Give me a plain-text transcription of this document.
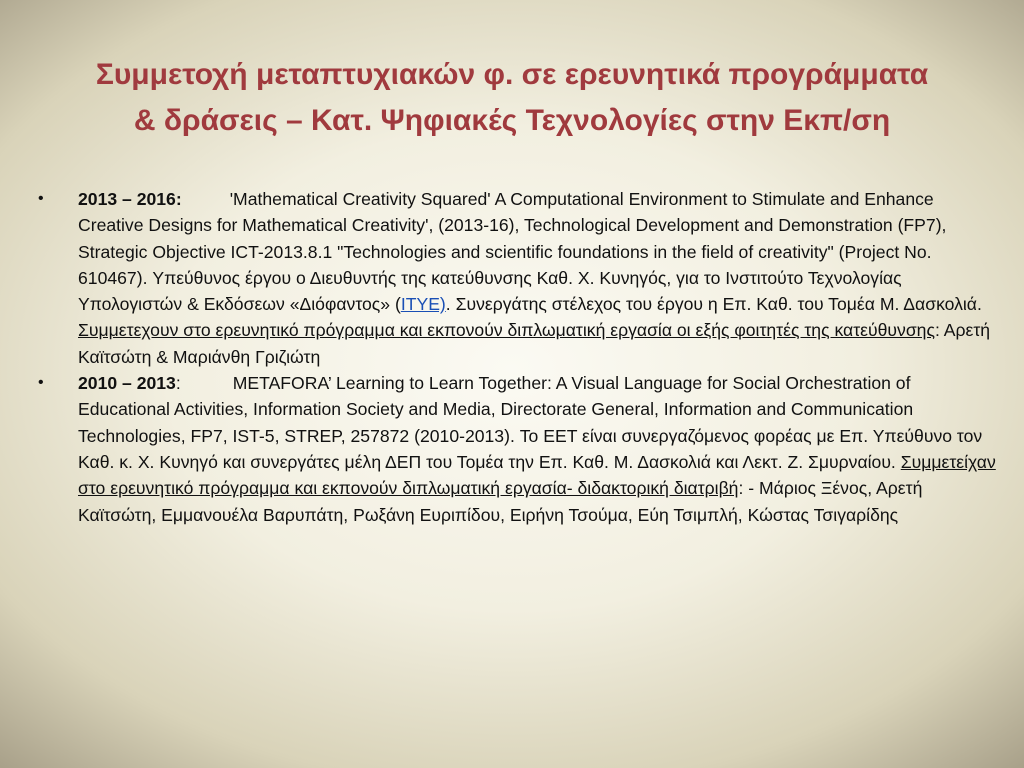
Συμμετοχή μεταπτυχιακών φ. σε ερευνητικά προγράμματα
& δράσεις – Κατ. Ψηφιακές Τεχνολογίες στην Εκπ/ση
• 2013 – 2016:	'Mathematical Creativity Squared' A Computational Environment to Stimulate and Enhance Creative Designs for Mathematical Creativity', (2013-16), Technological Development and Demonstration (FP7), Strategic Objective ICT-2013.8.1 "Technologies and scientific foundations in the field of creativity" (Project No. 610467). Υπεύθυνος έργου ο Διευθυντής της κατεύθυνσης Καθ. Χ. Κυνηγός, για το Ινστιτούτο Τεχνολογίας Υπολογιστών & Εκδόσεων «Διόφαντος» (ΙΤΥΕ). Συνεργάτης στέλεχος του έργου η Επ. Καθ. του Τομέα Μ. Δασκολιά. Συμμετεχουν στο ερευνητικό πρόγραμμα και εκπονούν διπλωματική εργασία οι εξής φοιτητές της κατεύθυνσης: Αρετή Καϊτσώτη & Μαριάνθη Γριζιώτη
• 2010 – 2013:	METAFORA’ Learning to Learn Together: A Visual Language for Social Orchestration of Educational Activities, Information Society and Media, Directorate General, Information and Communication Technologies, FP7, IST-5, STREP, 257872 (2010-2013). Το ΕΕΤ είναι συνεργαζόμενος φορέας με Επ. Υπεύθυνο τον Καθ. κ. Χ. Κυνηγό και συνεργάτες μέλη ΔΕΠ του Τομέα την Επ. Καθ. Μ. Δασκολιά και Λεκτ. Ζ. Σμυρναίου. Συμμετείχαν στο ερευνητικό πρόγραμμα και εκπονούν διπλωματική εργασία- διδακτορική διατριβή: - Μάριος Ξένος, Αρετή Καϊτσώτη, Εμμανουέλα Βαρυπάτη, Ρωξάνη Ευριπίδου, Ειρήνη Τσούμα, Εύη Τσιμπλή, Κώστας Τσιγαρίδης
